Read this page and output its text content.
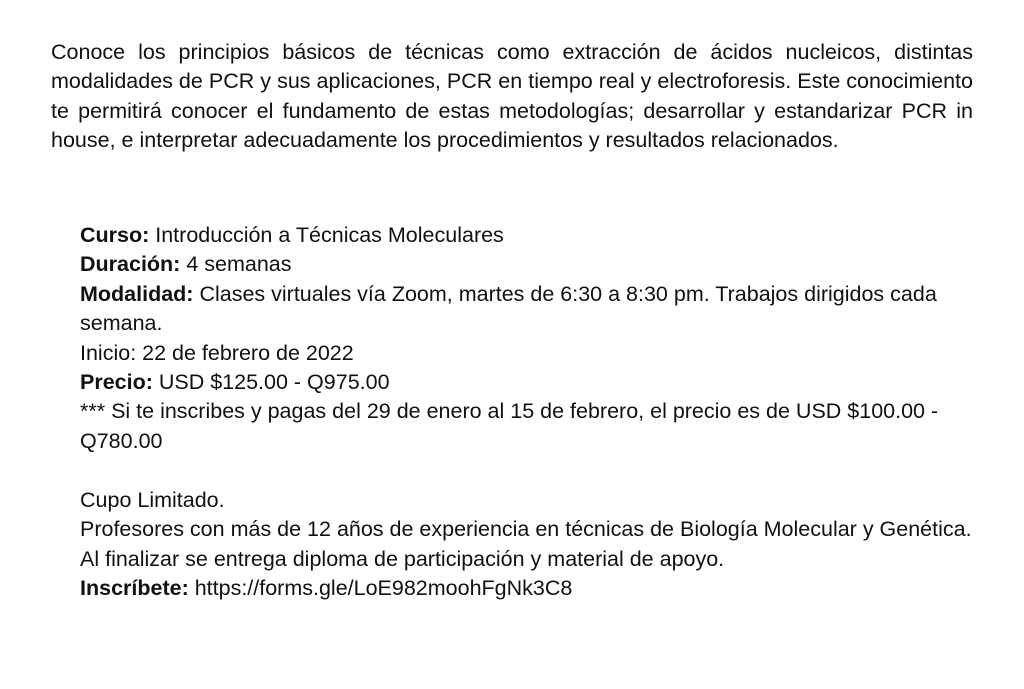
Conoce los principios básicos de técnicas como extracción de ácidos nucleicos, distintas modalidades de PCR y sus aplicaciones, PCR en tiempo real y electroforesis. Este conocimiento te permitirá conocer el fundamento de estas metodologías; desarrollar y estandarizar PCR in house, e interpretar adecuadamente los procedimientos y resultados relacionados.

Curso: Introducción a Técnicas Moleculares
Duración: 4 semanas
Modalidad: Clases virtuales vía Zoom, martes de 6:30 a 8:30 pm. Trabajos dirigidos cada semana.
Inicio: 22 de febrero de 2022
Precio: USD $125.00 - Q975.00
*** Si te inscribes y pagas del 29 de enero al 15 de febrero, el precio es de USD $100.00 - Q780.00
Cupo Limitado.
Profesores con más de 12 años de experiencia en técnicas de Biología Molecular y Genética.
Al finalizar se entrega diploma de participación y material de apoyo.
Inscríbete: https://forms.gle/LoE982moohFgNk3C8
